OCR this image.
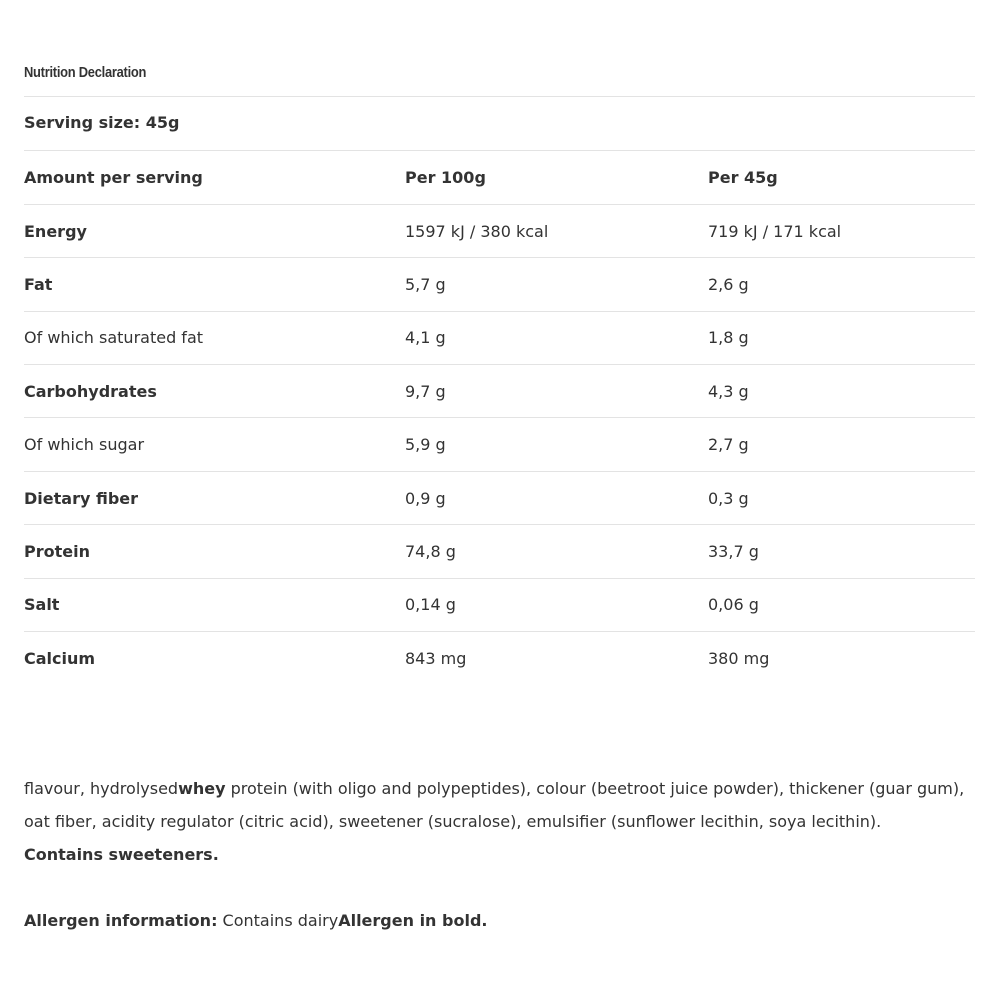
Nutrition Declaration
Serving size: 45g
Amount per serving	Per 100g	Per 45g
Energy	1597 kJ / 380 kcal	719 kJ / 171 kcal
Fat	5,7 g	2,6 g
Of which saturated fat	4,1 g	1,8 g
Carbohydrates	9,7 g	4,3 g
Of which sugar	5,9 g	2,7 g
Dietary fiber	0,9 g	0,3 g
Protein	74,8 g	33,7 g
Salt	0,14 g	0,06 g
Calcium	843 mg	380 mg
flavour, hydrolysedwhey protein (with oligo and polypeptides), colour (beetroot juice powder), thickener (guar gum), oat fiber, acidity regulator (citric acid), sweetener (sucralose), emulsifier (sunflower lecithin, soya lecithin).
Contains sweeteners.
Allergen information: Contains dairyAllergen in bold.
